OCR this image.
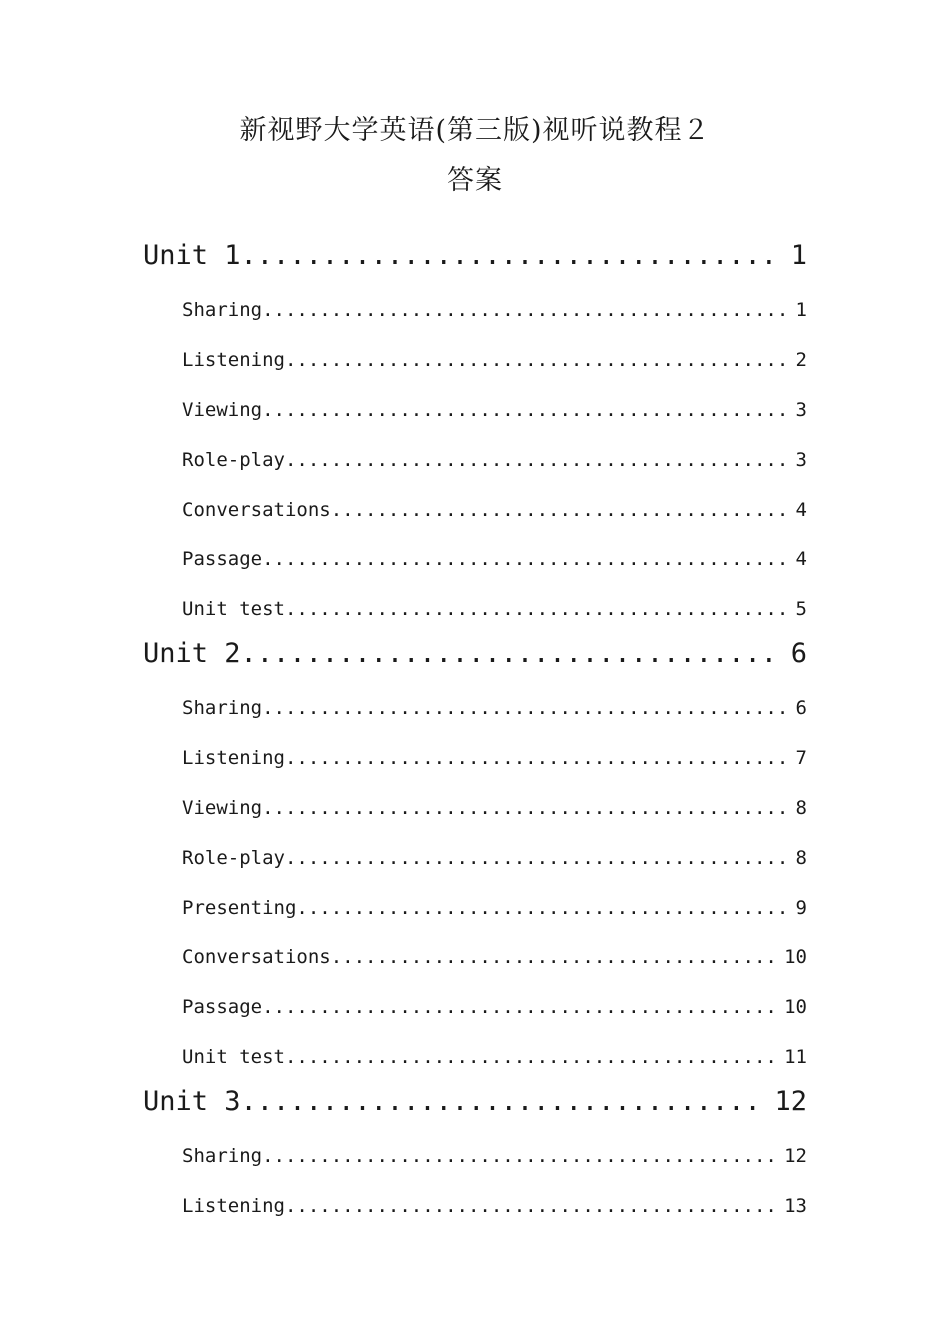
新视野大学英语(第三版)视听说教程２
答案
Unit 1 .....	1
Sharing .....	1
Listening .....	2
Viewing .....	3
Role-play .....	3
Conversations .....	4
Passage .....	4
Unit test .....	5
Unit 2 .....	6
Sharing .....	6
Listening .....	7
Viewing .....	8
Role-play .....	8
Presenting .....	9
Conversations .....	10
Passage .....	10
Unit test .....	11
Unit 3 .....	12
Sharing .....	12
Listening .....	13
